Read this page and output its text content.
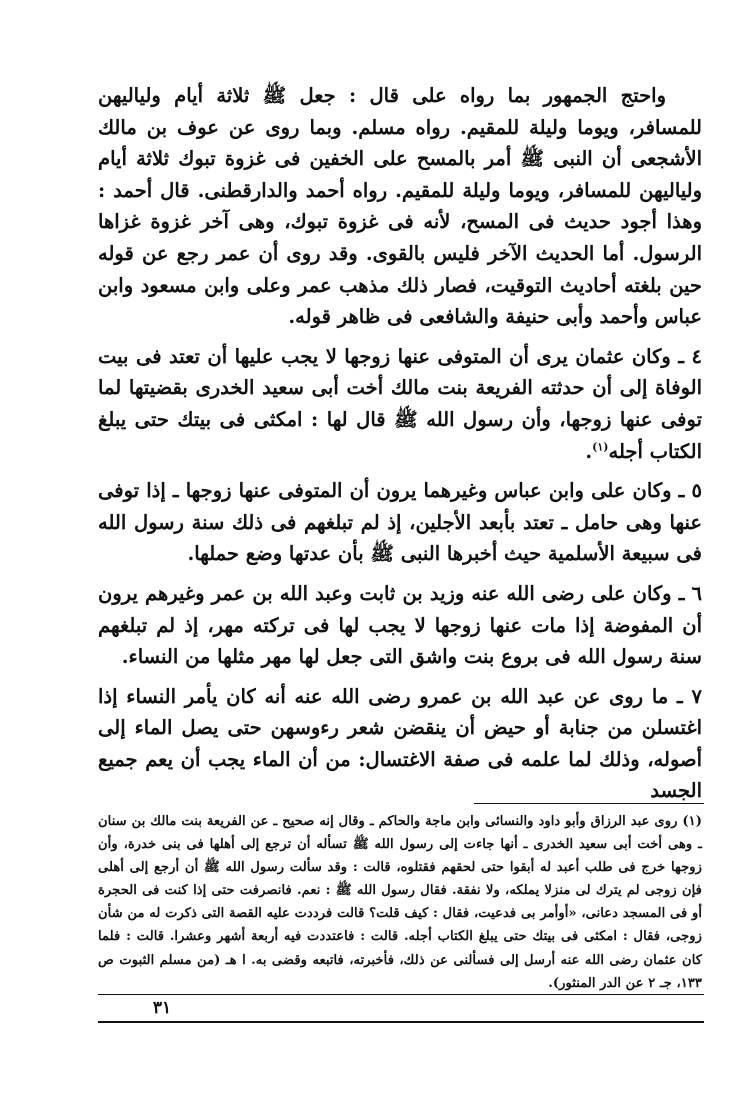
واحتج الجمهور بما رواه على قال : جعل ﷺ ثلاثة أيام ولياليهن للمسافر، ويوما وليلة للمقيم. رواه مسلم. وبما روى عن عوف بن مالك الأشجعى أن النبى ﷺ أمر بالمسح على الخفين فى غزوة تبوك ثلاثة أيام ولياليهن للمسافر، ويوما وليلة للمقيم. رواه أحمد والدارقطنى. قال أحمد : وهذا أجود حديث فى المسح، لأنه فى غزوة تبوك، وهى آخر غزوة غزاها الرسول. أما الحديث الآخر فليس بالقوى. وقد روى أن عمر رجع عن قوله حين بلغته أحاديث التوقيت، فصار ذلك مذهب عمر وعلى وابن مسعود وابن عباس وأحمد وأبى حنيفة والشافعى فى ظاهر قوله.

٤ ـ وكان عثمان يرى أن المتوفى عنها زوجها لا يجب عليها أن تعتد فى بيت الوفاة إلى أن حدثته الفريعة بنت مالك أخت أبى سعيد الخدرى بقضيتها لما توفى عنها زوجها، وأن رسول الله ﷺ قال لها : امكثى فى بيتك حتى يبلغ الكتاب أجله$^{(١)}$.

٥ ـ وكان على وابن عباس وغيرهما يرون أن المتوفى عنها زوجها ـ إذا توفى عنها وهى حامل ـ تعتد بأبعد الأجلين، إذ لم تبلغهم فى ذلك سنة رسول الله فى سبيعة الأسلمية حيث أخبرها النبى ﷺ بأن عدتها وضع حملها.

٦ ـ وكان على رضى الله عنه وزيد بن ثابت وعبد الله بن عمر وغيرهم يرون أن المفوضة إذا مات عنها زوجها لا يجب لها فى تركته مهر، إذ لم تبلغهم سنة رسول الله فى بروع بنت واشق التى جعل لها مهر مثلها من النساء.

٧ ـ ما روى عن عبد الله بن عمرو رضى الله عنه أنه كان يأمر النساء إذا اغتسلن من جنابة أو حيض أن ينقضن شعر رءوسهن حتى يصل الماء إلى أصوله، وذلك لما علمه فى صفة الاغتسال: من أن الماء يجب أن يعم جميع الجسد

(١) روى عبد الرزاق وأبو داود والنسائى وابن ماجة والحاكم ـ وقال إنه صحيح ـ عن الفريعة بنت مالك بن سنان ـ وهى أخت أبى سعيد الخدرى ـ أنها جاءت إلى رسول الله ﷺ تسأله أن ترجع إلى أهلها فى بنى خدرة، وأن زوجها خرج فى طلب أعبد له أبقوا حتى لحقهم فقتلوه، قالت : وقد سألت رسول الله ﷺ أن أرجع إلى أهلى فإن زوجى لم يترك لى منزلا يملكه، ولا نفقة. فقال رسول الله ﷺ : نعم. فانصرفت حتى إذا كنت فى الحجرة أو فى المسجد دعانى، «أوأمر بى فدعيت، فقال : كيف قلت؟ قالت فرددت عليه القصة التى ذكرت له من شأن زوجى، فقال : امكثى فى بيتك حتى يبلغ الكتاب أجله. قالت : فاعتددت فيه أربعة أشهر وعشرا. قالت : فلما كان عثمان رضى الله عنه أرسل إلى فسألنى عن ذلك، فأخبرته، فاتبعه وقضى به. ا هـ (من مسلم الثبوت ص ١٣٣، جـ ٢ عن الدر المنثور).

٣١
